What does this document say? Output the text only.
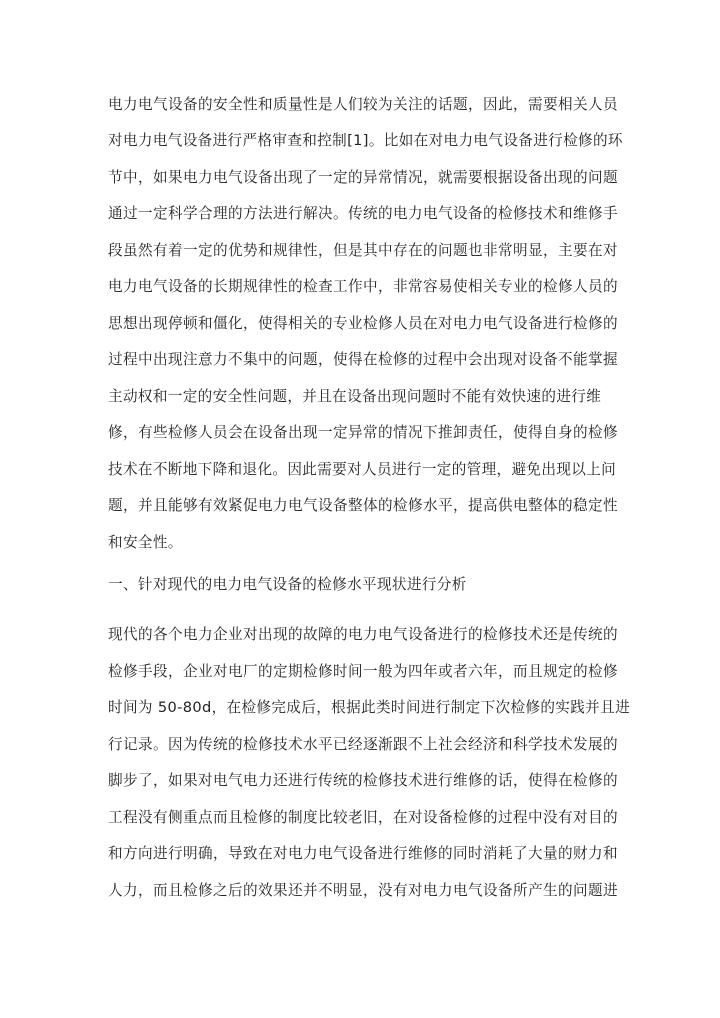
电力电气设备的安全性和质量性是人们较为关注的话题，因此，需要相关人员
对电力电气设备进行严格审查和控制[1]。比如在对电力电气设备进行检修的环
节中，如果电力电气设备出现了一定的异常情况，就需要根据设备出现的问题
通过一定科学合理的方法进行解决。传统的电力电气设备的检修技术和维修手
段虽然有着一定的优势和规律性，但是其中存在的问题也非常明显，主要在对
电力电气设备的长期规律性的检查工作中，非常容易使相关专业的检修人员的
思想出现停顿和僵化，使得相关的专业检修人员在对电力电气设备进行检修的
过程中出现注意力不集中的问题，使得在检修的过程中会出现对设备不能掌握
主动权和一定的安全性问题，并且在设备出现问题时不能有效快速的进行维
修，有些检修人员会在设备出现一定异常的情况下推卸责任，使得自身的检修
技术在不断地下降和退化。因此需要对人员进行一定的管理，避免出现以上问
题，并且能够有效紧促电力电气设备整体的检修水平，提高供电整体的稳定性
和安全性。
一、针对现代的电力电气设备的检修水平现状进行分析
现代的各个电力企业对出现的故障的电力电气设备进行的检修技术还是传统的
检修手段，企业对电厂的定期检修时间一般为四年或者六年，而且规定的检修
时间为 50-80d，在检修完成后，根据此类时间进行制定下次检修的实践并且进
行记录。因为传统的检修技术水平已经逐渐跟不上社会经济和科学技术发展的
脚步了，如果对电气电力还进行传统的检修技术进行维修的话，使得在检修的
工程没有侧重点而且检修的制度比较老旧，在对设备检修的过程中没有对目的
和方向进行明确，导致在对电力电气设备进行维修的同时消耗了大量的财力和
人力，而且检修之后的效果还并不明显，没有对电力电气设备所产生的问题进
